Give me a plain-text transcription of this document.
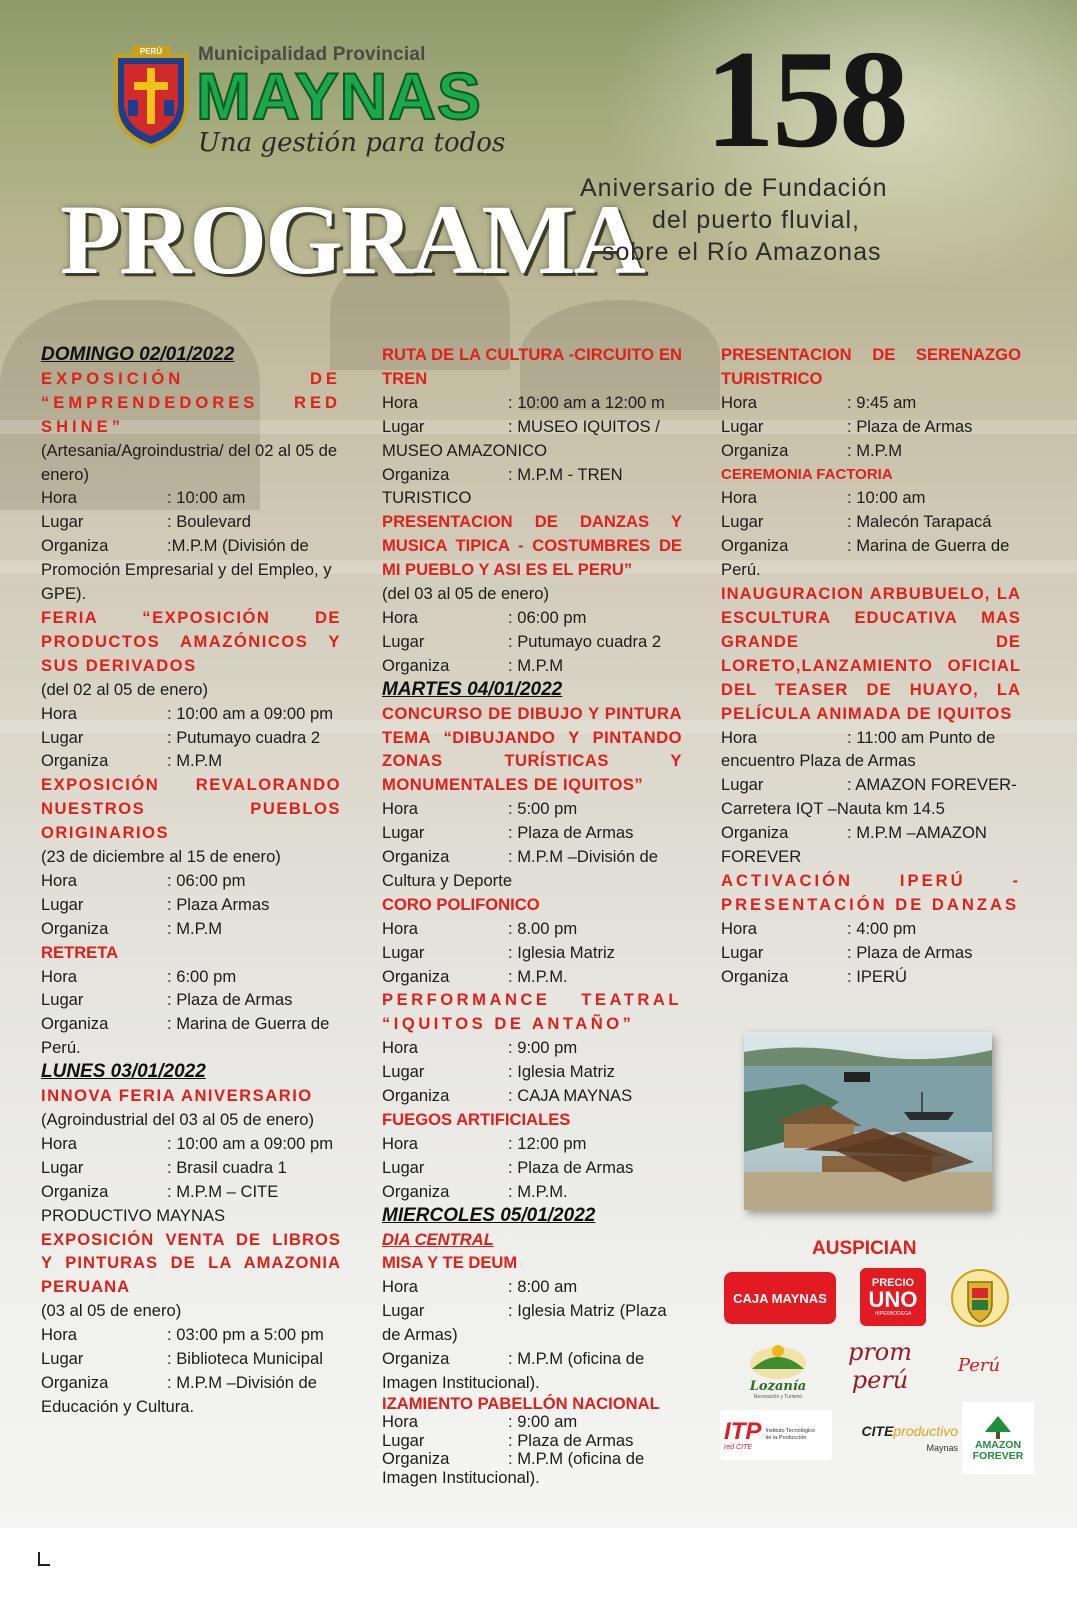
PERÚ Municipalidad Provincial
MAYNAS
Una gestión para todos
PROGRAMA
158
Aniversario de Fundación
del puerto fluvial,
sobre el Río Amazonas
DOMINGO 02/01/2022
EXPOSICIÓN DE “EMPRENDEDORES RED SHINE”
(Artesania/Agroindustria/ del 02 al 05 de enero)
Hora	: 10:00 am
Lugar	: Boulevard
Organiza	:M.P.M (División de Promoción Empresarial y del Empleo, y GPE).
FERIA “EXPOSICIÓN DE PRODUCTOS AMAZÓNICOS Y SUS DERIVADOS
(del 02 al 05 de enero)
Hora	: 10:00 am a 09:00 pm
Lugar	: Putumayo cuadra 2
Organiza	: M.P.M
EXPOSICIÓN REVALORANDO NUESTROS PUEBLOS ORIGINARIOS
(23 de diciembre al 15 de enero)
Hora	: 06:00 pm
Lugar	: Plaza Armas
Organiza	: M.P.M
RETRETA
Hora	: 6:00 pm
Lugar	: Plaza de Armas
Organiza	: Marina de Guerra de Perú.
LUNES 03/01/2022
INNOVA FERIA ANIVERSARIO
(Agroindustrial del 03 al 05 de enero)
Hora	: 10:00 am a 09:00 pm
Lugar	: Brasil cuadra 1
Organiza	: M.P.M – CITE PRODUCTIVO MAYNAS
EXPOSICIÓN VENTA DE LIBROS Y PINTURAS DE LA AMAZONIA PERUANA
(03 al 05 de enero)
Hora	: 03:00 pm a 5:00 pm
Lugar	: Biblioteca Municipal
Organiza	: M.P.M –División de Educación y Cultura.
RUTA DE LA CULTURA -CIRCUITO EN TREN
Hora	: 10:00 am a 12:00 m
Lugar	: MUSEO IQUITOS / MUSEO AMAZONICO
Organiza	: M.P.M - TREN TURISTICO
PRESENTACION DE DANZAS Y MUSICA TIPICA - COSTUMBRES DE MI PUEBLO Y ASI ES EL PERU”
(del 03 al 05 de enero)
Hora	: 06:00 pm
Lugar	: Putumayo cuadra 2
Organiza	: M.P.M
MARTES 04/01/2022
CONCURSO DE DIBUJO Y PINTURA TEMA “DIBUJANDO Y PINTANDO ZONAS TURÍSTICAS Y MONUMENTALES DE IQUITOS”
Hora	: 5:00 pm
Lugar	: Plaza de Armas
Organiza	: M.P.M –División de Cultura y Deporte
CORO POLIFONICO
Hora	: 8.00 pm
Lugar	: Iglesia Matriz
Organiza	: M.P.M.
PERFORMANCE TEATRAL “IQUITOS DE ANTAÑO”
Hora	: 9:00 pm
Lugar	: Iglesia Matriz
Organiza	: CAJA MAYNAS
FUEGOS ARTIFICIALES
Hora	: 12:00 pm
Lugar	: Plaza de Armas
Organiza	: M.P.M.
MIERCOLES 05/01/2022
DIA CENTRAL
MISA Y TE DEUM
Hora	: 8:00 am
Lugar	: Iglesia Matriz (Plaza de Armas)
Organiza	: M.P.M (oficina de Imagen Institucional).
IZAMIENTO PABELLÓN NACIONAL
Hora	: 9:00 am
Lugar	: Plaza de Armas
Organiza	: M.P.M (oficina de Imagen Institucional).
PRESENTACION DE SERENAZGO TURISTRICO
Hora	: 9:45 am
Lugar	: Plaza de Armas
Organiza	: M.P.M
CEREMONIA FACTORIA
Hora	: 10:00 am
Lugar	: Malecón Tarapacá
Organiza	: Marina de Guerra de Perú.
INAUGURACION ARBUBUELO, LA ESCULTURA EDUCATIVA MAS GRANDE DE LORETO,LANZAMIENTO OFICIAL DEL TEASER DE HUAYO, LA PELÍCULA ANIMADA DE IQUITOS
Hora	: 11:00 am Punto de encuentro Plaza de Armas
Lugar	: AMAZON FOREVER- Carretera IQT –Nauta km 14.5
Organiza	: M.P.M –AMAZON FOREVER
ACTIVACIÓN IPERÚ - PRESENTACIÓN DE DANZAS
Hora	: 4:00 pm
Lugar	: Plaza de Armas
Organiza	: IPERÚ
AUSPICIAN
CAJA MAYNAS
PRECIO
UNO
HIPERBODEGA
Lozanía
Recreación y Turismo
prom perú
Perú
ITP
red CITE
Instituto Tecnológico de la Producción	CITEproductivo
Maynas AMAZON
FOREVER
